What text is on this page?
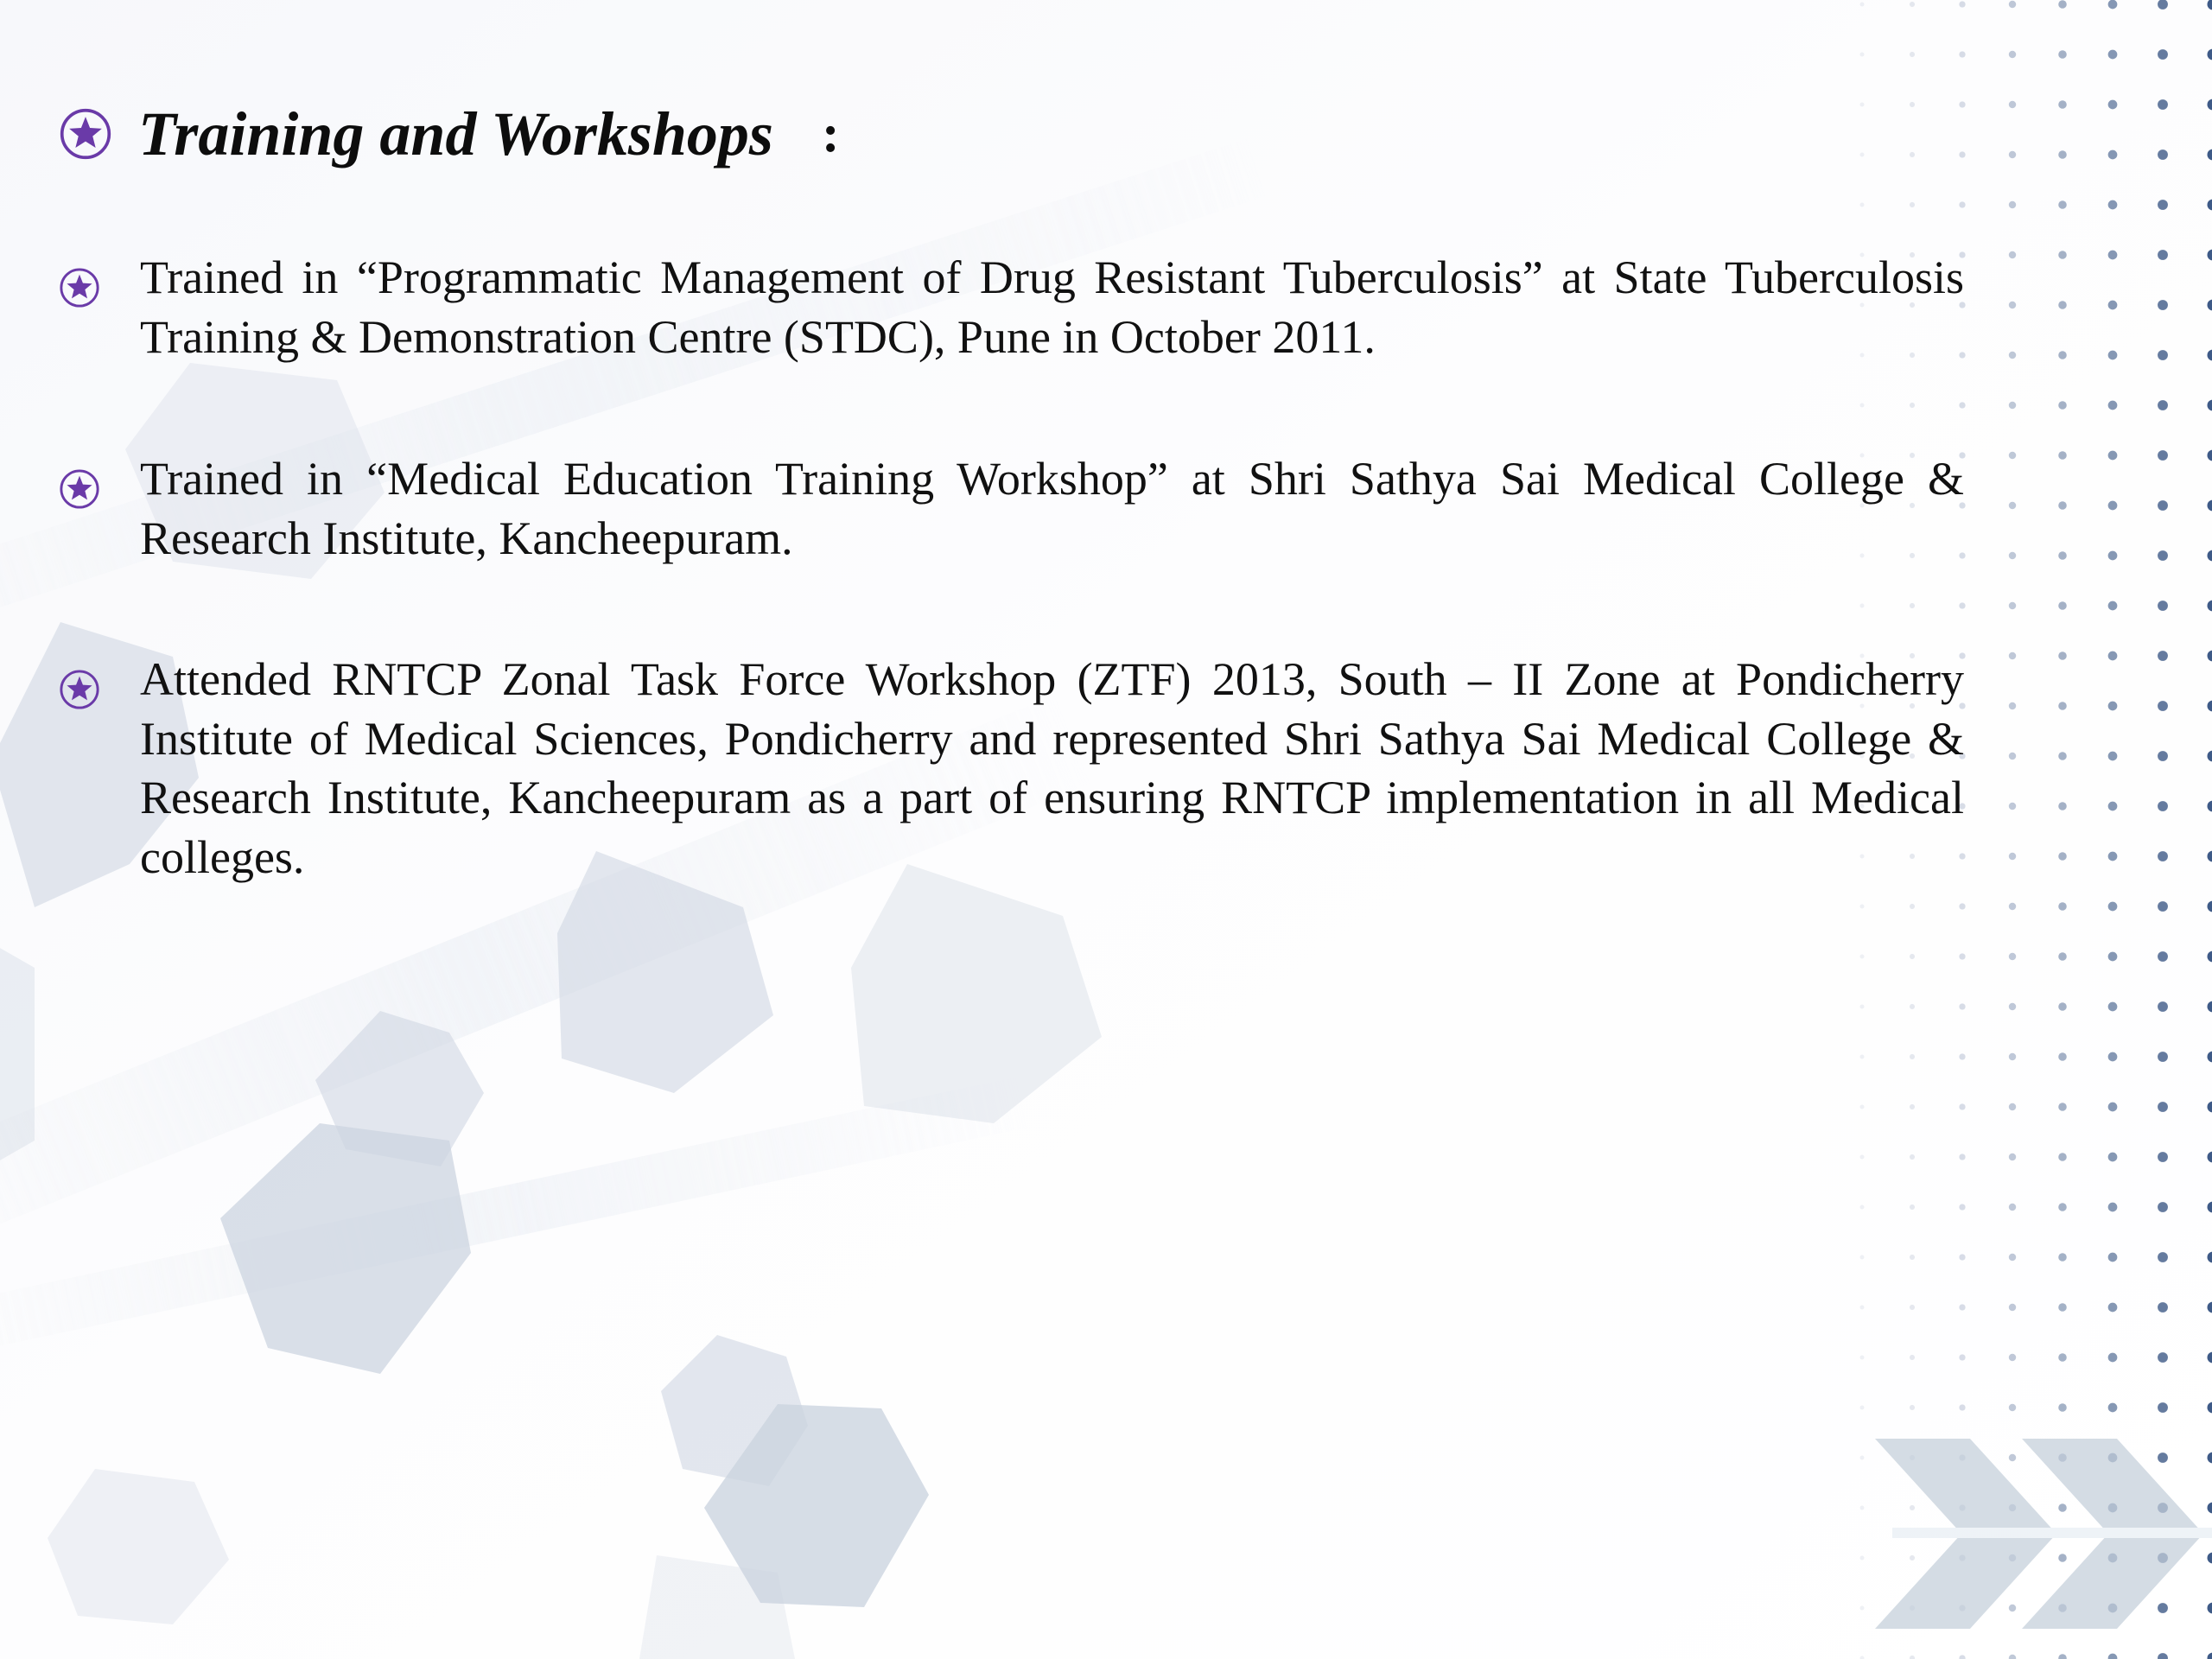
Training and Workshops :
Trained in “Programmatic Management of Drug Resistant Tuberculosis” at State Tuberculosis Training & Demonstration Centre (STDC), Pune in October 2011.
Trained in “Medical Education Training Workshop” at Shri Sathya Sai Medical College & Research Institute, Kancheepuram.
Attended RNTCP Zonal Task Force Workshop (ZTF) 2013, South – II Zone at Pondicherry Institute of Medical Sciences, Pondicherry and represented Shri Sathya Sai Medical College & Research Institute, Kancheepuram as a part of ensuring RNTCP implementation in all Medical colleges.
